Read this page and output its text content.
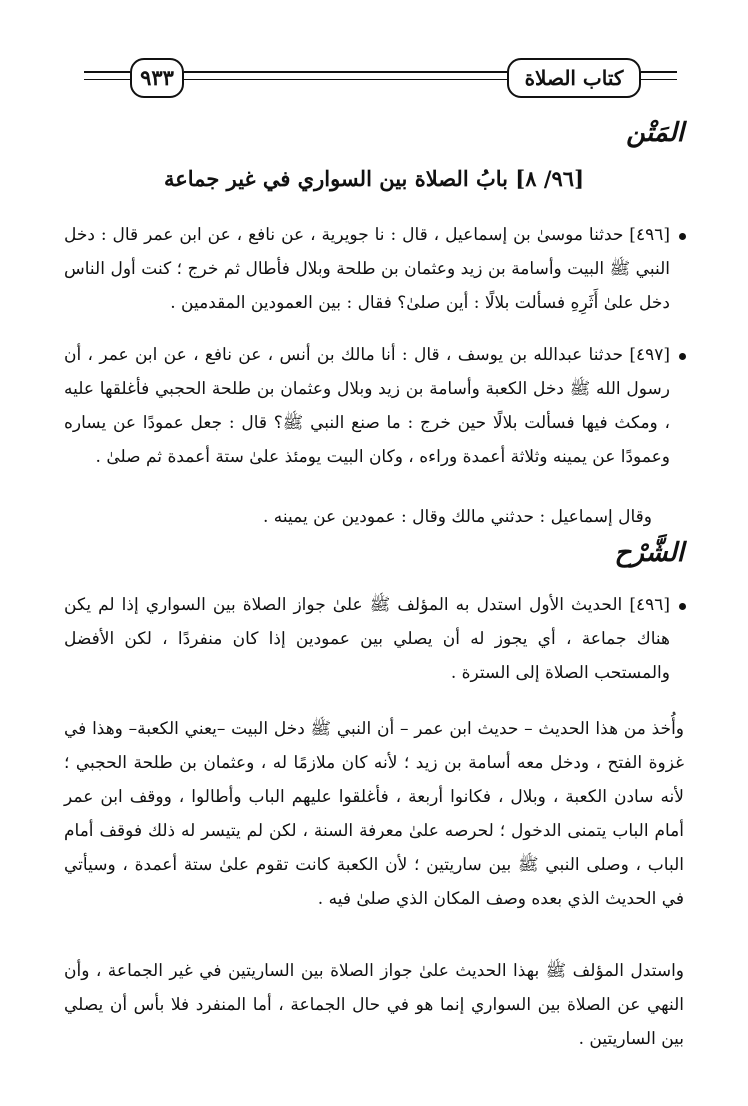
٩٣٣	كتاب الصلاة
المَتْن
[٩٦/ ٨] بابُ الصلاة بين السواري في غير جماعة
[٤٩٦] حدثنا موسىٰ بن إسماعيل ، قال : نا جويرية ، عن نافع ، عن ابن عمر قال : دخل النبي ﷺ البيت وأسامة بن زيد وعثمان بن طلحة وبلال فأطال ثم خرج ؛ كنت أول الناس دخل علىٰ أَثَرِهِ فسألت بلالًا : أين صلىٰ؟ فقال : بين العمودين المقدمين .
[٤٩٧] حدثنا عبدالله بن يوسف ، قال : أنا مالك بن أنس ، عن نافع ، عن ابن عمر ، أن رسول الله ﷺ دخل الكعبة وأسامة بن زيد وبلال وعثمان بن طلحة الحجبي فأغلقها عليه ، ومكث فيها فسألت بلالًا حين خرج : ما صنع النبي ﷺ؟ قال : جعل عمودًا عن يساره وعمودًا عن يمينه وثلاثة أعمدة وراءه ، وكان البيت يومئذ علىٰ ستة أعمدة ثم صلىٰ .
وقال إسماعيل : حدثني مالك وقال : عمودين عن يمينه .
الشَّرْح
[٤٩٦] الحديث الأول استدل به المؤلف ﷺ علىٰ جواز الصلاة بين السواري إذا لم يكن هناك جماعة ، أي يجوز له أن يصلي بين عمودين إذا كان منفردًا ، لكن الأفضل والمستحب الصلاة إلى السترة .
وأُخذ من هذا الحديث – حديث ابن عمر – أن النبي ﷺ دخل البيت –يعني الكعبة– وهذا في غزوة الفتح ، ودخل معه أسامة بن زيد ؛ لأنه كان ملازمًا له ، وعثمان بن طلحة الحجبي ؛ لأنه سادن الكعبة ، وبلال ، فكانوا أربعة ، فأغلقوا عليهم الباب وأطالوا ، ووقف ابن عمر أمام الباب يتمنى الدخول ؛ لحرصه علىٰ معرفة السنة ، لكن لم يتيسر له ذلك فوقف أمام الباب ، وصلى النبي ﷺ بين ساريتين ؛ لأن الكعبة كانت تقوم علىٰ ستة أعمدة ، وسيأتي في الحديث الذي بعده وصف المكان الذي صلىٰ فيه .
واستدل المؤلف ﷺ بهذا الحديث علىٰ جواز الصلاة بين الساريتين في غير الجماعة ، وأن النهي عن الصلاة بين السواري إنما هو في حال الجماعة ، أما المنفرد فلا بأس أن يصلي بين الساريتين .
